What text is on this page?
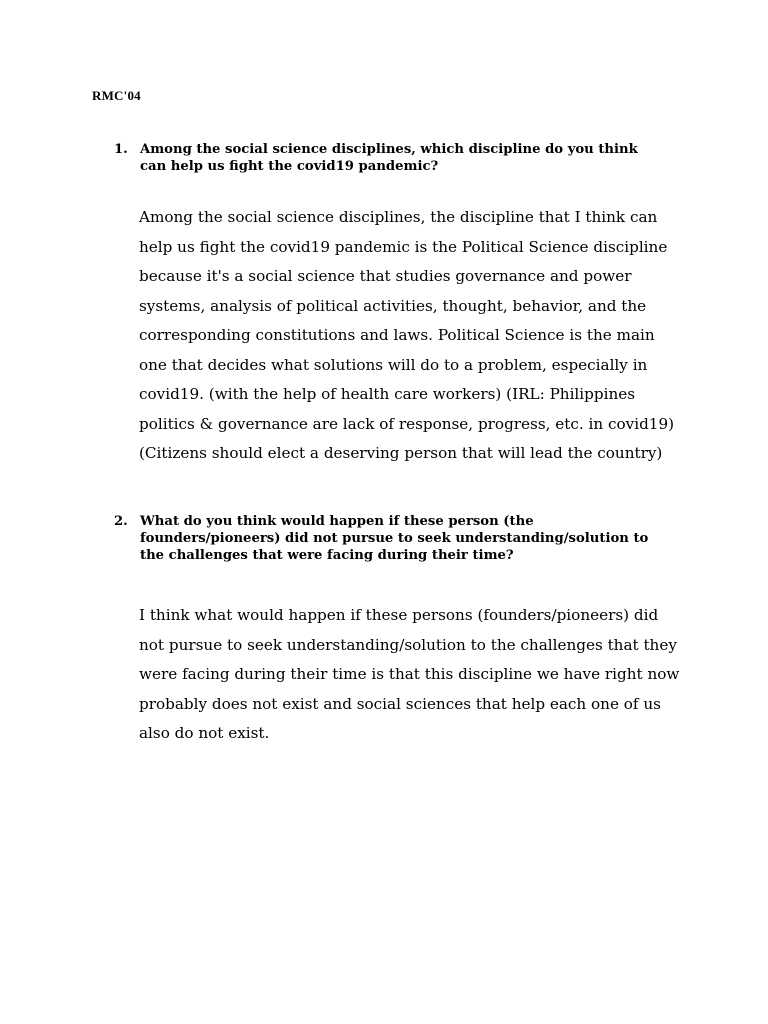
RMC'04
1. Among the social science disciplines, which discipline do you think can help us fight the covid19 pandemic?
Among the social science disciplines, the discipline that I think can help us fight the covid19 pandemic is the Political Science discipline because it's a social science that studies governance and power systems, analysis of political activities, thought, behavior, and the corresponding constitutions and laws. Political Science is the main one that decides what solutions will do to a problem, especially in covid19. (with the help of health care workers) (IRL: Philippines politics & governance are lack of response, progress, etc. in covid19)(Citizens should elect a deserving person that will lead the country)
2. What do you think would happen if these person (the founders/pioneers) did not pursue to seek understanding/solution to the challenges that were facing during their time?
I think what would happen if these persons (founders/pioneers) did not pursue to seek understanding/solution to the challenges that they were facing during their time is that this discipline we have right now probably does not exist and social sciences that help each one of us also do not exist.
